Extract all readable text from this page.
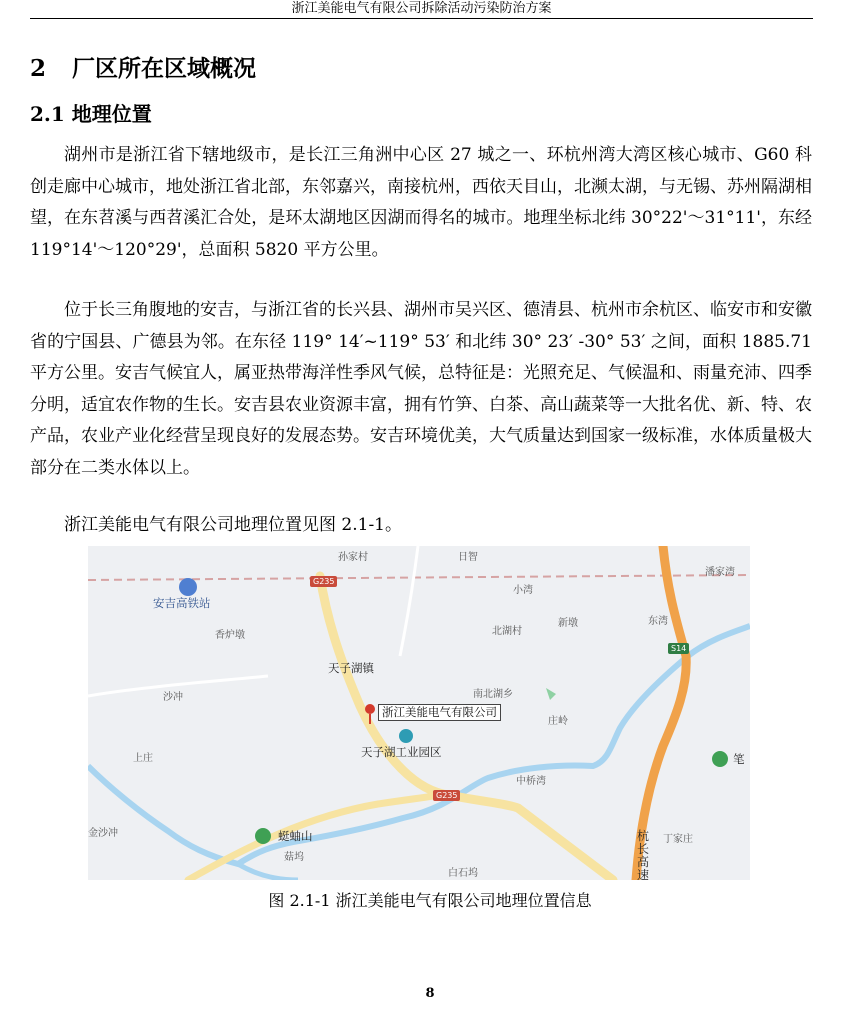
浙江美能电气有限公司拆除活动污染防治方案
2 厂区所在区域概况
2.1 地理位置

湖州市是浙江省下辖地级市，是长江三角洲中心区 27 城之一、环杭州湾大湾区核心城市、G60 科创走廊中心城市，地处浙江省北部，东邻嘉兴，南接杭州，西依天目山，北濒太湖，与无锡、苏州隔湖相望，在东苕溪与西苕溪汇合处，是环太湖地区因湖而得名的城市。地理坐标北纬 30°22'～31°11'，东经 119°14'～120°29'，总面积 5820 平方公里。

位于长三角腹地的安吉，与浙江省的长兴县、湖州市吴兴区、德清县、杭州市余杭区、临安市和安徽省的宁国县、广德县为邻。在东径 119° 14′~119° 53′ 和北纬 30° 23′ -30° 53′ 之间，面积 1885.71 平方公里。安吉气候宜人，属亚热带海洋性季风气候，总特征是：光照充足、气候温和、雨量充沛、四季分明，适宜农作物的生长。安吉县农业资源丰富，拥有竹笋、白茶、高山蔬菜等一大批名优、新、特、农产品，农业产业化经营呈现良好的发展态势。安吉环境优美，大气质量达到国家一级标准，水体质量极大部分在二类水体以上。

浙江美能电气有限公司地理位置见图 2.1-1。

孙家村	日智
潘家湾
小湾
安吉高铁站
香炉墩	北湖村
新墩	东湾
天子湖镇
沙冲	南北湖乡
庄岭
浙江美能电气有限公司
天子湖工业园区
上庄	笔
中桥湾
金沙冲	蜓蚰山	丁家庄
菇坞
白石坞
杭长高速
G235
G235
S14
图 2.1-1 浙江美能电气有限公司地理位置信息
8
